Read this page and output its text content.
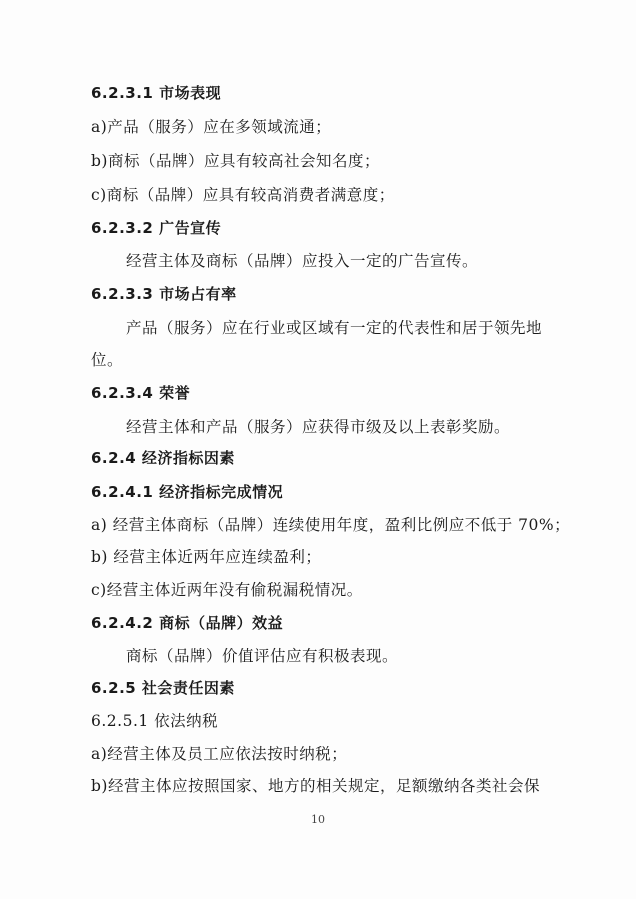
6.2.3.1 市场表现
a)产品（服务）应在多领域流通；
b)商标（品牌）应具有较高社会知名度；
c)商标（品牌）应具有较高消费者满意度；
6.2.3.2 广告宣传
经营主体及商标（品牌）应投入一定的广告宣传。
6.2.3.3 市场占有率
产品（服务）应在行业或区域有一定的代表性和居于领先地
位。
6.2.3.4 荣誉
经营主体和产品（服务）应获得市级及以上表彰奖励。
6.2.4 经济指标因素
6.2.4.1 经济指标完成情况
a) 经营主体商标（品牌）连续使用年度，盈利比例应不低于 70%；
b) 经营主体近两年应连续盈利；
c)经营主体近两年没有偷税漏税情况。
6.2.4.2 商标（品牌）效益
商标（品牌）价值评估应有积极表现。
6.2.5 社会责任因素
6.2.5.1 依法纳税
a)经营主体及员工应依法按时纳税；
b)经营主体应按照国家、地方的相关规定，足额缴纳各类社会保
10
